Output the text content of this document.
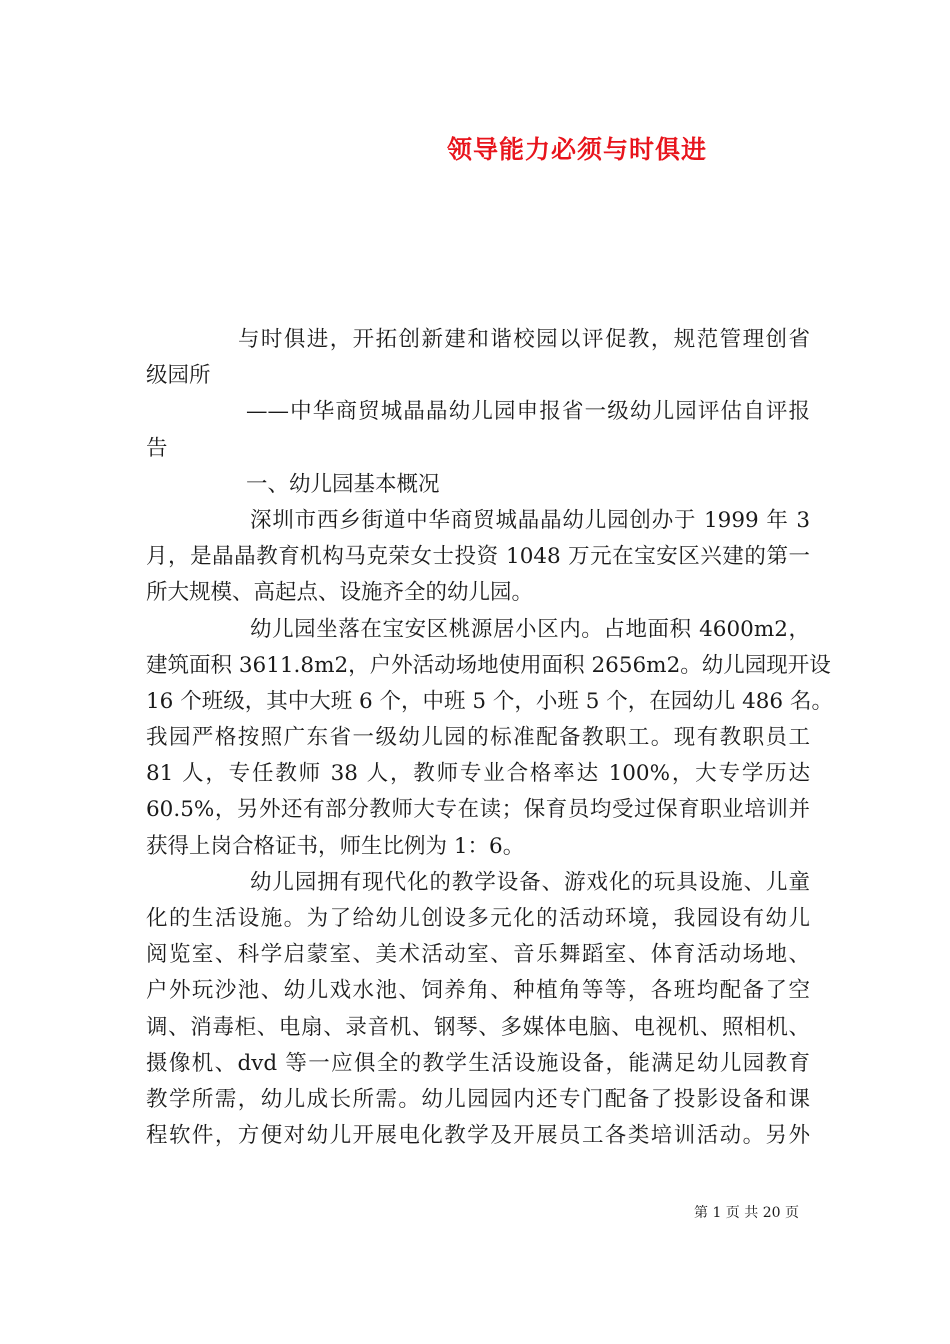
领导能力必须与时俱进
与时俱进，开拓创新建和谐校园以评促教，规范管理创省
级园所
——中华商贸城晶晶幼儿园申报省一级幼儿园评估自评报
告
一、幼儿园基本概况
深圳市西乡街道中华商贸城晶晶幼儿园创办于 1999 年 3
月，是晶晶教育机构马克荣女士投资 1048 万元在宝安区兴建的第一
所大规模、高起点、设施齐全的幼儿园。
幼儿园坐落在宝安区桃源居小区内。占地面积 4600m2，
建筑面积 3611.8m2，户外活动场地使用面积 2656m2。幼儿园现开设
16 个班级，其中大班 6 个，中班 5 个，小班 5 个，在园幼儿 486 名。
我园严格按照广东省一级幼儿园的标准配备教职工。现有教职员工
81 人，专任教师 38 人，教师专业合格率达 100%，大专学历达
60.5%，另外还有部分教师大专在读；保育员均受过保育职业培训并
获得上岗合格证书，师生比例为 1：6。
幼儿园拥有现代化的教学设备、游戏化的玩具设施、儿童
化的生活设施。为了给幼儿创设多元化的活动环境，我园设有幼儿
阅览室、科学启蒙室、美术活动室、音乐舞蹈室、体育活动场地、
户外玩沙池、幼儿戏水池、饲养角、种植角等等，各班均配备了空
调、消毒柜、电扇、录音机、钢琴、多媒体电脑、电视机、照相机、
摄像机、dvd 等一应俱全的教学生活设施设备，能满足幼儿园教育
教学所需，幼儿成长所需。幼儿园园内还专门配备了投影设备和课
程软件，方便对幼儿开展电化教学及开展员工各类培训活动。另外
第 1 页 共 20 页
